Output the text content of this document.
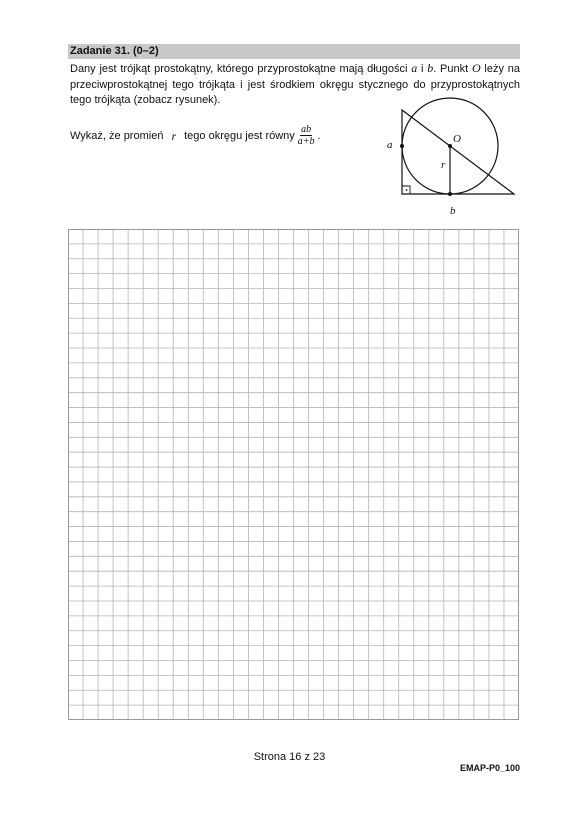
Zadanie 31. (0–2)
Dany jest trójkąt prostokątny, którego przyprostokątne mają długości a i b. Punkt O leży na przeciwprostokątnej tego trójkąta i jest środkiem okręgu stycznego do przyprostokątnych tego trójkąta (zobacz rysunek).
Wykaż, że promień r tego okręgu jest równy $\frac{ab}{a+b}$ .
a	O
r
b
Strona 16 z 23
EMAP-P0_100
